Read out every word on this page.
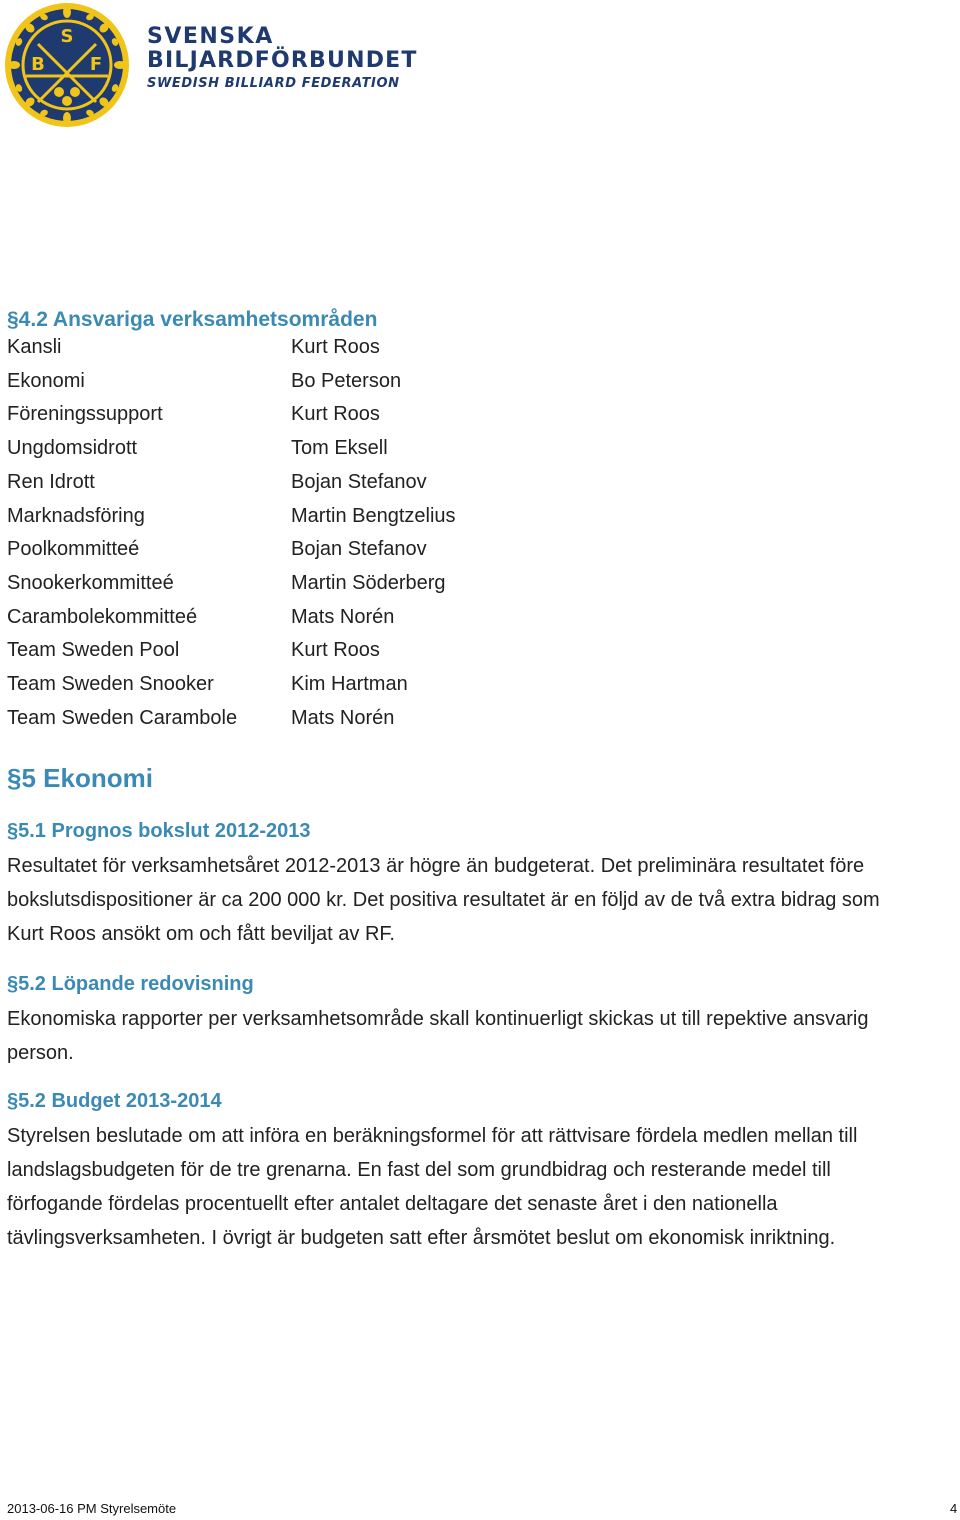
S
B F
SVENSKA
BILJARDFÖRBUNDET
SWEDISH BILLIARD FEDERATION
§4.2 Ansvariga verksamhetsområden
Kansli	Kurt Roos
Ekonomi	Bo Peterson
Föreningssupport	Kurt Roos
Ungdomsidrott	Tom Eksell
Ren Idrott	Bojan Stefanov
Marknadsföring	Martin Bengtzelius
Poolkommitteé	Bojan Stefanov
Snookerkommitteé	Martin Söderberg
Carambolekommitteé	Mats Norén
Team Sweden Pool	Kurt Roos
Team Sweden Snooker	Kim Hartman
Team Sweden Carambole	Mats Norén
§5 Ekonomi
§5.1 Prognos bokslut 2012-2013
Resultatet för verksamhetsåret 2012-2013 är högre än budgeterat. Det preliminära resultatet före
bokslutsdispositioner är ca 200 000 kr. Det positiva resultatet är en följd av de två extra bidrag som
Kurt Roos ansökt om och fått beviljat av RF.
§5.2 Löpande redovisning
Ekonomiska rapporter per verksamhetsområde skall kontinuerligt skickas ut till repektive ansvarig
person.
§5.2 Budget 2013-2014
Styrelsen beslutade om att införa en beräkningsformel för att rättvisare fördela medlen mellan till
landslagsbudgeten för de tre grenarna. En fast del som grundbidrag och resterande medel till
förfogande fördelas procentuellt efter antalet deltagare det senaste året i den nationella
tävlingsverksamheten. I övrigt är budgeten satt efter årsmötet beslut om ekonomisk inriktning.
2013-06-16 PM Styrelsemöte	4
